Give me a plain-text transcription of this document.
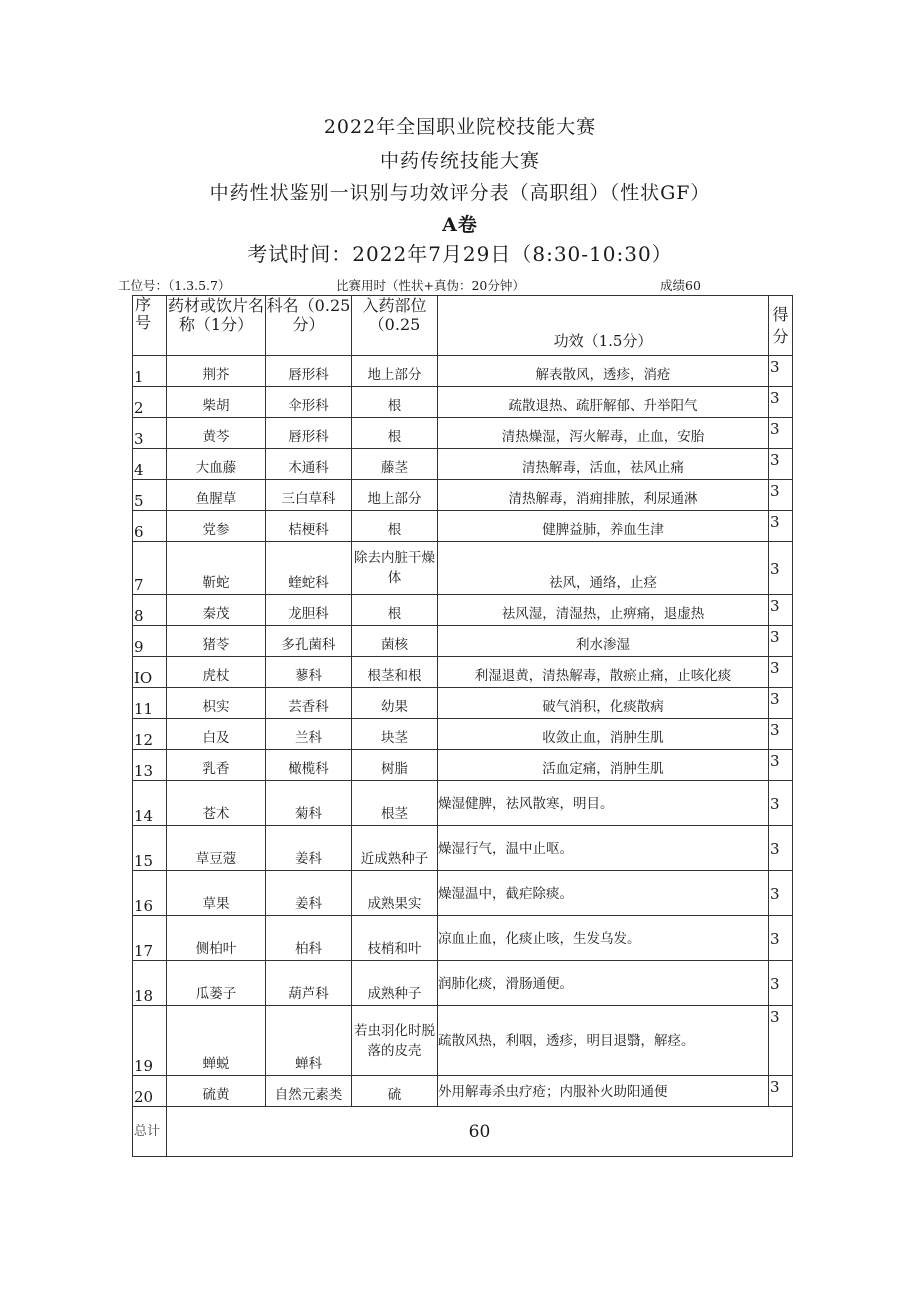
2022年全国职业院校技能大赛
中药传统技能大赛
中药性状鉴别一识别与功效评分表（高职组）（性状GF）
A卷
考试时间：2022年7月29日（8:30-10:30）
工位号：（1.3.5.7）	比赛用时（性状+真伪：20分钟）	成绩60
序号	药材或饮片名称（1分）	科名（0.25分）	入药部位（0.25	功效（1.5分）	得分
1	荆芥	唇形科	地上部分	解表散风，透疹，消疮	3
2	柴胡	伞形科	根	疏散退热、疏肝解郁、升举阳气	3
3	黄芩	唇形科	根	清热燥湿，泻火解毒，止血，安胎	3
4	大血藤	木通科	藤茎	清热解毒，活血，祛风止痛	3
5	鱼腥草	三白草科	地上部分	清热解毒，消痈排脓，利尿通淋	3
6	党参	桔梗科	根	健脾益肺，养血生津	3
7	靳蛇	蝰蛇科	除去内脏干燥体	祛风，通络，止痉	3
8	秦茂	龙胆科	根	祛风湿，清湿热，止痹痛，退虚热	3
9	猪苓	多孔菌科	菌核	利水渗湿	3
IO	虎杖	蓼科	根茎和根	利湿退黄，清热解毒，散瘀止痛，止咳化痰	3
11	枳实	芸香科	幼果	破气消积，化痰散病	3
12	白及	兰科	块茎	收敛止血，消肿生肌	3
13	乳香	橄榄科	树脂	活血定痛，消肿生肌	3
14	苍术	菊科	根茎	燥湿健脾，祛风散寒，明目。	3
15	草豆蔻	姜科	近成熟种子	燥湿行气，温中止呕。	3
16	草果	姜科	成熟果实	燥湿温中，截疟除痰。	3
17	侧柏叶	柏科	枝梢和叶	凉血止血，化痰止咳，生发乌发。	3
18	瓜蒌子	葫芦科	成熟种子	润肺化痰，滑肠通便。	3
19	蝉蜕	蝉科	若虫羽化时脱落的皮壳	疏散风热，利咽，透疹，明目退翳，解痉。	3
20	硫黄	自然元素类	硫	外用解毒杀虫疗疮；内服补火助阳通便	3
总计	60				
